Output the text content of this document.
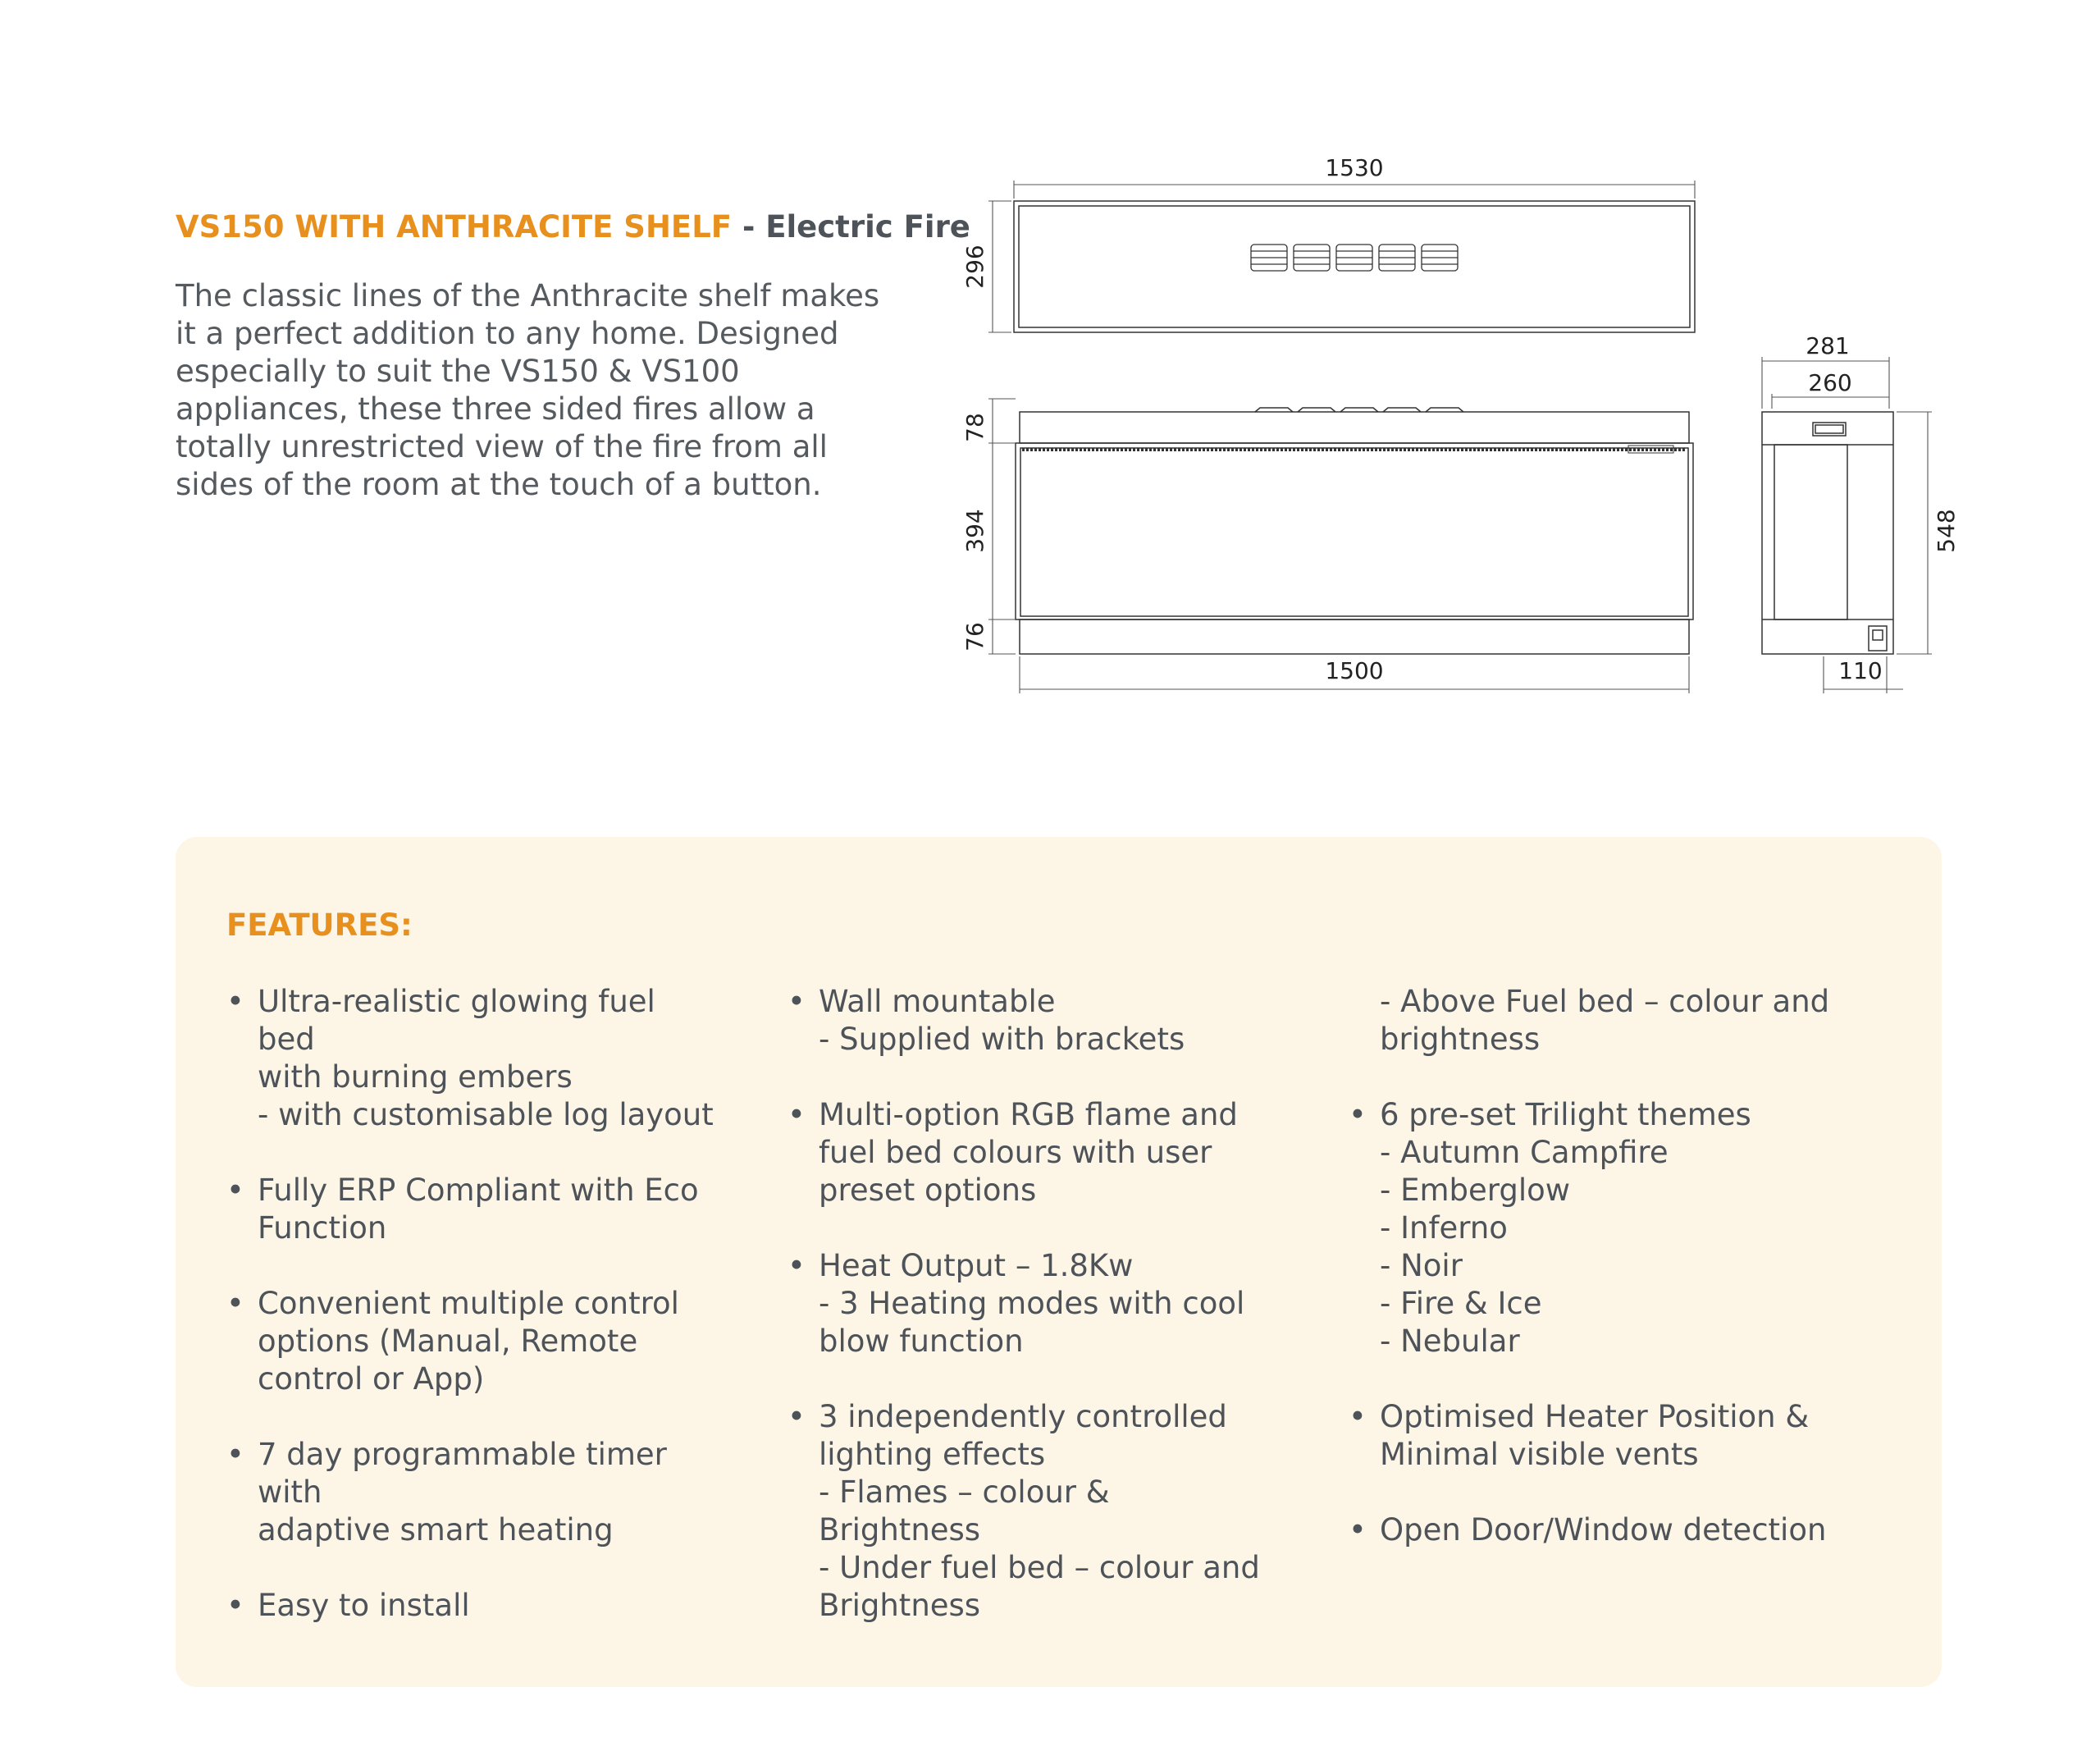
VS150 WITH ANTHRACITE SHELF - Electric Fire

The classic lines of the Anthracite shelf makes it a perfect addition to any home. Designed especially to suit the VS150 & VS100 appliances, these three sided fires allow a totally unrestricted view of the fire from all sides of the room at the touch of a button.

1530
296
78
394
76
1500
281
260
548
110
FEATURES:
• Ultra-realistic glowing fuel bed
with burning embers
- with customisable log layout
• Fully ERP Compliant with Eco
Function
• Convenient multiple control
options (Manual, Remote
control or App)
• 7 day programmable timer with
adaptive smart heating
• Easy to install
• Wall mountable
- Supplied with brackets
• Multi-option RGB flame and
fuel bed colours with user
preset options
• Heat Output – 1.8Kw
- 3 Heating modes with cool
blow function
• 3 independently controlled
lighting effects
- Flames – colour & Brightness
- Under fuel bed – colour and
Brightness
- Above Fuel bed – colour and
brightness
• 6 pre-set Trilight themes
- Autumn Campfire
- Emberglow
- Inferno
- Noir
- Fire & Ice
- Nebular
• Optimised Heater Position &
Minimal visible vents
• Open Door/Window detection
